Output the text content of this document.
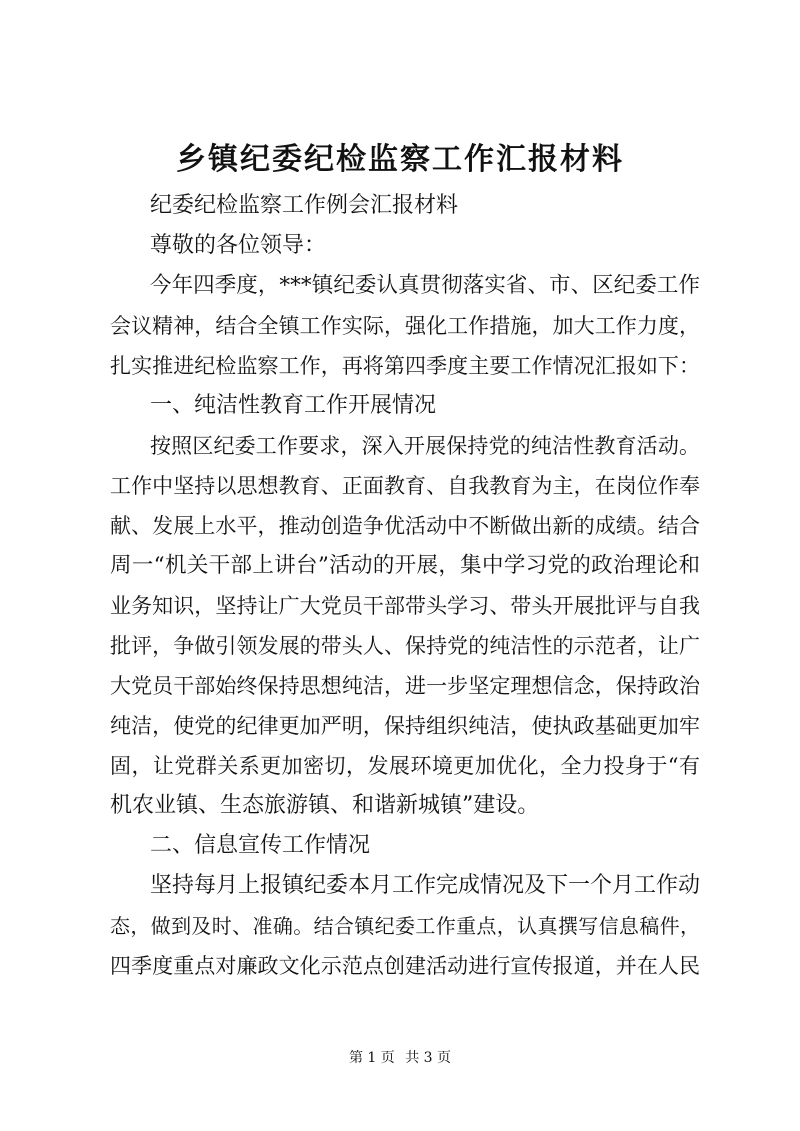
乡镇纪委纪检监察工作汇报材料
纪委纪检监察工作例会汇报材料
尊敬的各位领导：
今年四季度，***镇纪委认真贯彻落实省、市、区纪委工作
会议精神，结合全镇工作实际，强化工作措施，加大工作力度，
扎实推进纪检监察工作，再将第四季度主要工作情况汇报如下：
一、纯洁性教育工作开展情况
按照区纪委工作要求，深入开展保持党的纯洁性教育活动。
工作中坚持以思想教育、正面教育、自我教育为主，在岗位作奉
献、发展上水平，推动创造争优活动中不断做出新的成绩。结合
周一“机关干部上讲台”活动的开展，集中学习党的政治理论和
业务知识，坚持让广大党员干部带头学习、带头开展批评与自我
批评，争做引领发展的带头人、保持党的纯洁性的示范者，让广
大党员干部始终保持思想纯洁，进一步坚定理想信念，保持政治
纯洁，使党的纪律更加严明，保持组织纯洁，使执政基础更加牢
固，让党群关系更加密切，发展环境更加优化，全力投身于“有
机农业镇、生态旅游镇、和谐新城镇”建设。
二、信息宣传工作情况
坚持每月上报镇纪委本月工作完成情况及下一个月工作动
态，做到及时、准确。结合镇纪委工作重点，认真撰写信息稿件，
四季度重点对廉政文化示范点创建活动进行宣传报道，并在人民
第 1 页 共 3 页
